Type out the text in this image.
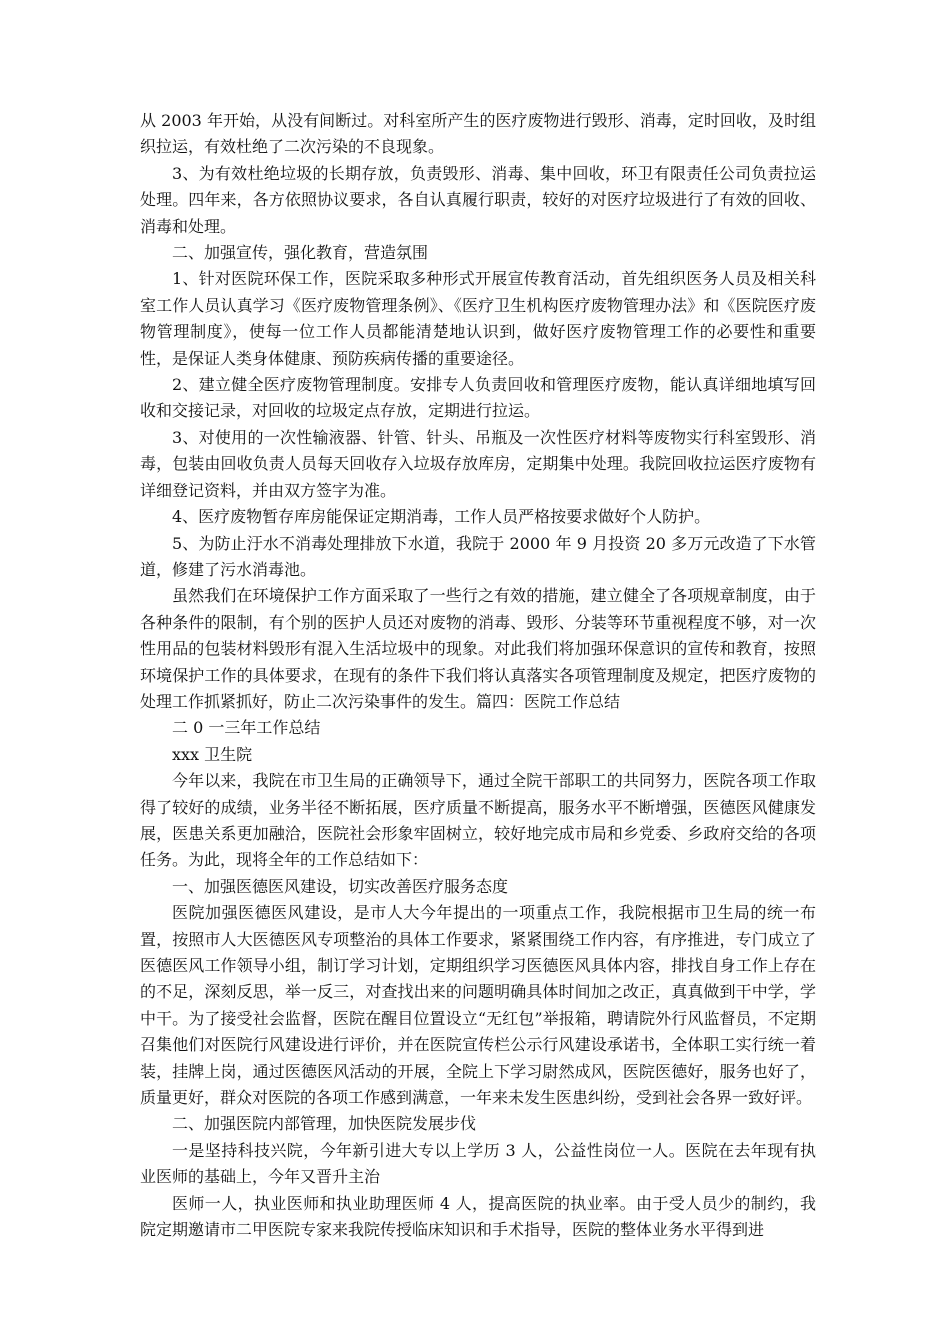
从 2003 年开始，从没有间断过。对科室所产生的医疗废物进行毁形、消毒，定时回收，及时组织拉运，有效杜绝了二次污染的不良现象。

3、为有效杜绝垃圾的长期存放，负责毁形、消毒、集中回收，环卫有限责任公司负责拉运处理。四年来，各方依照协议要求，各自认真履行职责，较好的对医疗垃圾进行了有效的回收、消毒和处理。

二、加强宣传，强化教育，营造氛围

1、针对医院环保工作，医院采取多种形式开展宣传教育活动，首先组织医务人员及相关科室工作人员认真学习《医疗废物管理条例》、《医疗卫生机构医疗废物管理办法》和《医院医疗废物管理制度》，使每一位工作人员都能清楚地认识到，做好医疗废物管理工作的必要性和重要性，是保证人类身体健康、预防疾病传播的重要途径。

2、建立健全医疗废物管理制度。安排专人负责回收和管理医疗废物，能认真详细地填写回收和交接记录，对回收的垃圾定点存放，定期进行拉运。

3、对使用的一次性输液器、针管、针头、吊瓶及一次性医疗材料等废物实行科室毁形、消毒，包装由回收负责人员每天回收存入垃圾存放库房，定期集中处理。我院回收拉运医疗废物有详细登记资料，并由双方签字为准。

4、医疗废物暂存库房能保证定期消毒，工作人员严格按要求做好个人防护。

5、为防止汙水不消毒处理排放下水道，我院于 2000 年 9 月投资 20 多万元改造了下水管道，修建了污水消毒池。

虽然我们在环境保护工作方面采取了一些行之有效的措施，建立健全了各项规章制度，由于各种条件的限制，有个别的医护人员还对废物的消毒、毁形、分装等环节重视程度不够，对一次性用品的包装材料毁形有混入生活垃圾中的现象。对此我们将加强环保意识的宣传和教育，按照环境保护工作的具体要求，在现有的条件下我们将认真落实各项管理制度及规定，把医疗废物的处理工作抓紧抓好，防止二次污染事件的发生。篇四：医院工作总结

二 0 一三年工作总结

xxx 卫生院

今年以来，我院在市卫生局的正确领导下，通过全院干部职工的共同努力，医院各项工作取得了较好的成绩，业务半径不断拓展，医疗质量不断提高，服务水平不断增强，医德医风健康发展，医患关系更加融洽，医院社会形象牢固树立，较好地完成市局和乡党委、乡政府交给的各项任务。为此，现将全年的工作总结如下：

一、加强医德医风建设，切实改善医疗服务态度

医院加强医德医风建设，是市人大今年提出的一项重点工作，我院根据市卫生局的统一布置，按照市人大医德医风专项整治的具体工作要求，紧紧围绕工作内容，有序推进，专门成立了医德医风工作领导小组，制订学习计划，定期组织学习医德医风具体内容，排找自身工作上存在的不足，深刻反思，举一反三，对查找出来的问题明确具体时间加之改正，真真做到干中学，学中干。为了接受社会监督，医院在醒目位置设立“无红包”举报箱，聘请院外行风监督员，不定期召集他们对医院行风建设进行评价，并在医院宣传栏公示行风建设承诺书，全体职工实行统一着装，挂牌上岗，通过医德医风活动的开展，全院上下学习尉然成风，医院医德好，服务也好了，质量更好，群众对医院的各项工作感到满意，一年来未发生医患纠纷，受到社会各界一致好评。

二、加强医院内部管理，加快医院发展步伐

一是坚持科技兴院，今年新引进大专以上学历 3 人，公益性岗位一人。医院在去年现有执业医师的基础上，今年又晋升主治

医师一人，执业医师和执业助理医师 4 人，提高医院的执业率。由于受人员少的制约，我院定期邀请市二甲医院专家来我院传授临床知识和手术指导，医院的整体业务水平得到进
